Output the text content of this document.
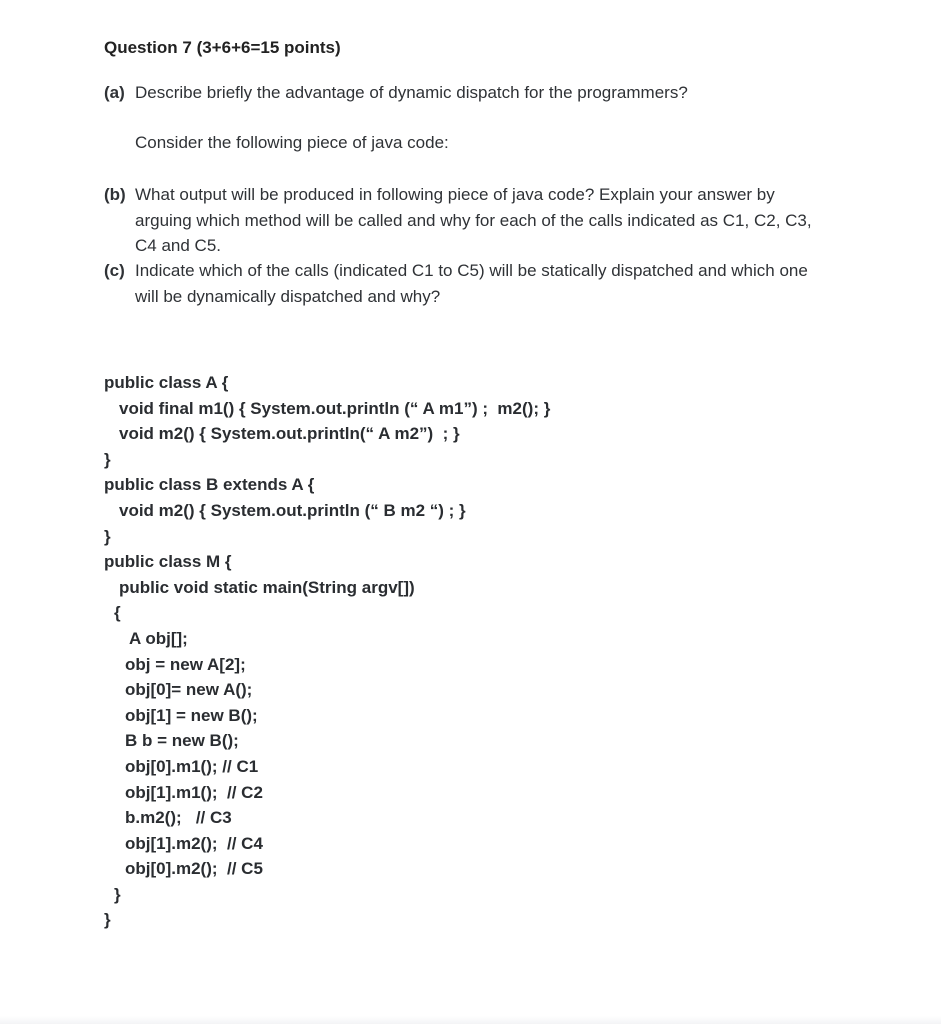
Question 7 (3+6+6=15 points)
(a) Describe briefly the advantage of dynamic dispatch for the programmers?
Consider the following piece of java code:
(b) What output will be produced in following piece of java code? Explain your answer by
arguing which method will be called and why for each of the calls indicated as C1, C2, C3,
C4 and C5.
(c) Indicate which of the calls (indicated C1 to C5) will be statically dispatched and which one
will be dynamically dispatched and why?
public class A {
void final m1() { System.out.println (“ A m1”) ;  m2(); }
void m2() { System.out.println(“ A m2”)  ; }
}
public class B extends A {
void m2() { System.out.println (“ B m2 “) ; }
}
public class M {
public void static main(String argv[])
{
A obj[];
obj = new A[2];
obj[0]= new A();
obj[1] = new B();
B b = new B();
obj[0].m1(); // C1
obj[1].m1();  // C2
b.m2();   // C3
obj[1].m2();  // C4
obj[0].m2();  // C5
}
}
